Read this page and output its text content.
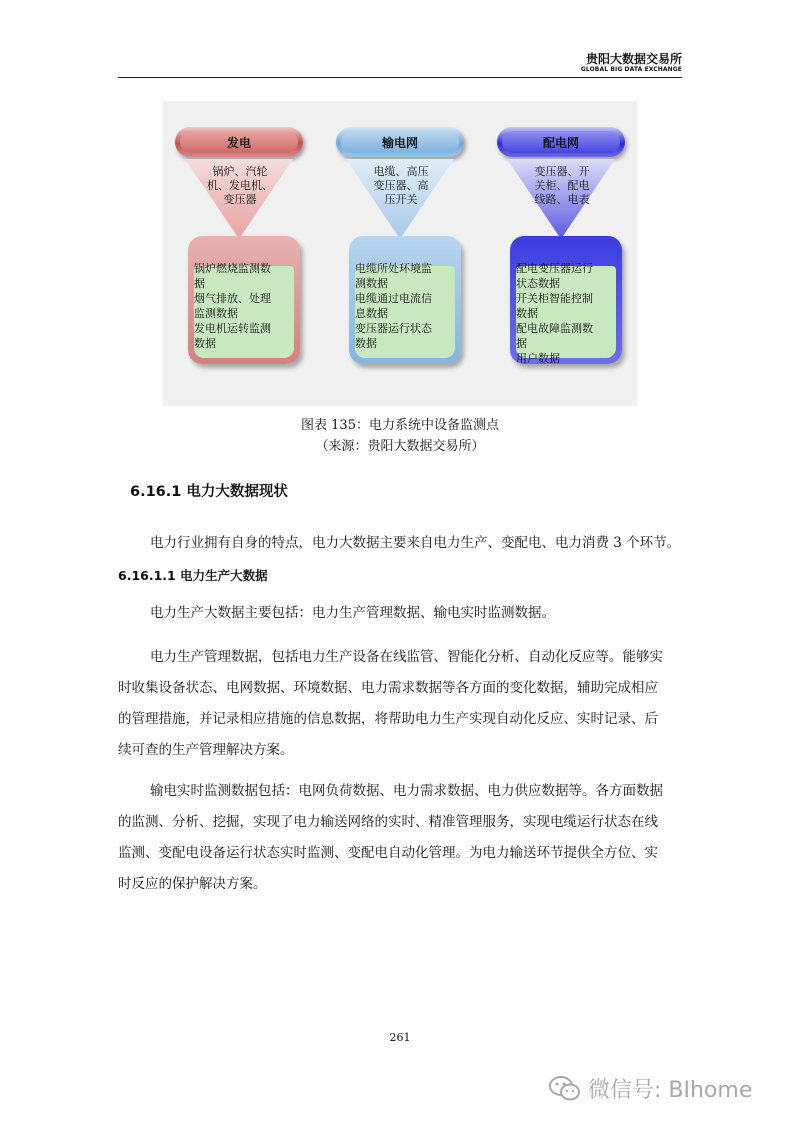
贵阳大数据交易所
GLOBAL BIG DATA EXCHANGE
发电
锅炉、汽轮
机、发电机、
变压器
锅炉燃烧监测数
据
烟气排放、处理
监测数据
发电机运转监测
数据
输电网
电缆、高压
变压器、高
压开关
电缆所处环境监
测数据
电缆通过电流信
息数据
变压器运行状态
数据
配电网
变压器、开
关柜、配电
线路、电表
配电变压器运行
状态数据
开关柜智能控制
数据
配电故障监测数
据
用户数据
图表 135：电力系统中设备监测点
（来源：贵阳大数据交易所）
6.16.1 电力大数据现状
电力行业拥有自身的特点，电力大数据主要来自电力生产、变配电、电力消费 3 个环节。
6.16.1.1 电力生产大数据
电力生产大数据主要包括：电力生产管理数据、输电实时监测数据。
电力生产管理数据，包括电力生产设备在线监管、智能化分析、自动化反应等。能够实
时收集设备状态、电网数据、环境数据、电力需求数据等各方面的变化数据，辅助完成相应
的管理措施，并记录相应措施的信息数据，将帮助电力生产实现自动化反应、实时记录、后
续可查的生产管理解决方案。
输电实时监测数据包括：电网负荷数据、电力需求数据、电力供应数据等。各方面数据
的监测、分析、挖掘，实现了电力输送网络的实时、精准管理服务，实现电缆运行状态在线
监测、变配电设备运行状态实时监测、变配电自动化管理。为电力输送环节提供全方位、实
时反应的保护解决方案。
261
微信号: BIhome
